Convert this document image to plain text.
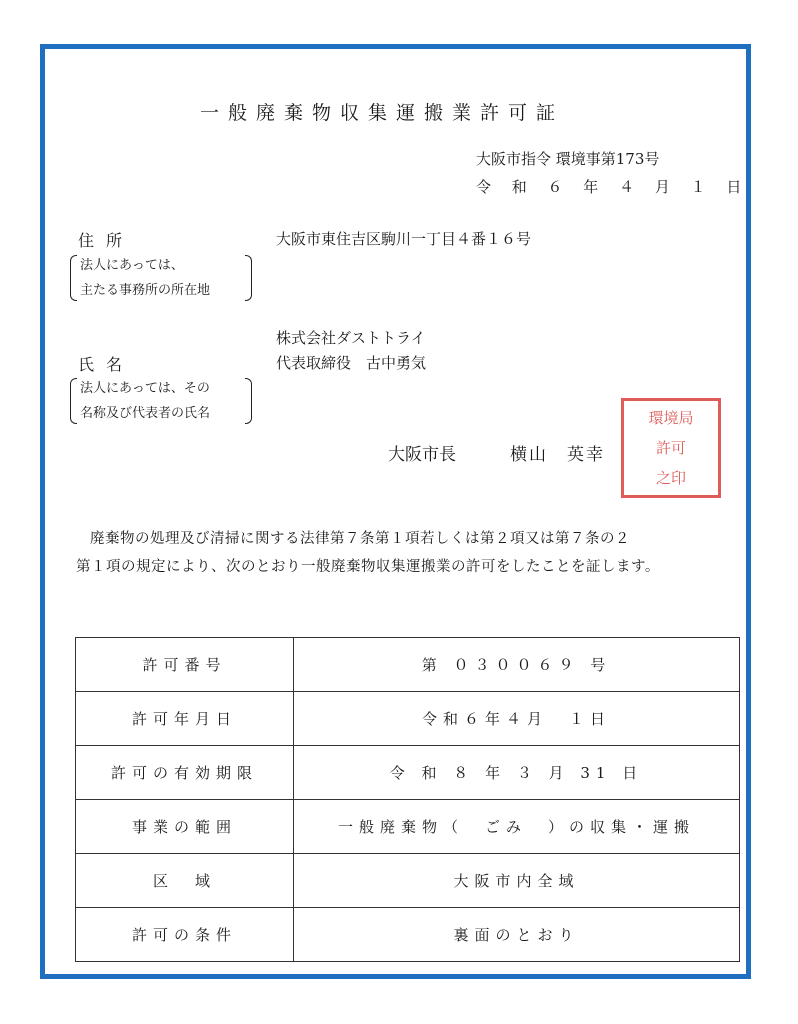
一般廃棄物収集運搬業許可証
大阪市指令 環境事第173号
令 和 ６ 年 ４ 月 １ 日
住所
法人にあっては、
主たる事務所の所在地
大阪市東住吉区駒川一丁目４番１６号
株式会社ダストトライ
代表取締役　古中勇気
氏名
法人にあっては、その
名称及び代表者の氏名
大阪市長	横山　英幸
環境局
許可
之印
廃棄物の処理及び清掃に関する法律第７条第１項若しくは第２項又は第７条の２
第１項の規定により、次のとおり一般廃棄物収集運搬業の許可をしたことを証します。
許可番号	第 ０３００６９ 号
許可年月日	令和６年４月　１日
許可の有効期限	令 和 ８ 年 ３ 月 31 日
事業の範囲	一般廃棄物（　ごみ　）の収集・運搬
区　域	大阪市内全域
許可の条件	裏面のとおり
